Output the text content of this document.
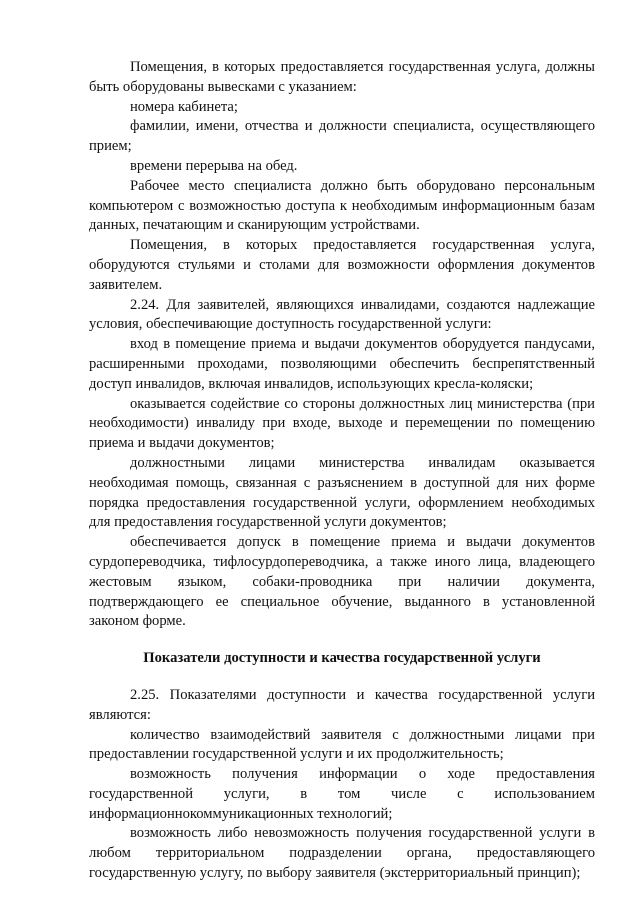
Помещения, в которых предоставляется государственная услуга, должны быть оборудованы вывесками с указанием:

номера кабинета;

фамилии, имени, отчества и должности специалиста, осуществляющего прием;

времени перерыва на обед.

Рабочее место специалиста должно быть оборудовано персональным компьютером с возможностью доступа к необходимым информационным базам данных, печатающим и сканирующим устройствами.

Помещения, в которых предоставляется государственная услуга, оборудуются стульями и столами для возможности оформления документов заявителем.

2.24. Для заявителей, являющихся инвалидами, создаются надлежащие условия, обеспечивающие доступность государственной услуги:

вход в помещение приема и выдачи документов оборудуется пандусами, расширенными проходами, позволяющими обеспечить беспрепятственный доступ инвалидов, включая инвалидов, использующих кресла-коляски;

оказывается содействие со стороны должностных лиц министерства (при необходимости) инвалиду при входе, выходе и перемещении по помещению приема и выдачи документов;

должностными лицами министерства инвалидам оказывается необходимая помощь, связанная с разъяснением в доступной для них форме порядка предоставления государственной услуги, оформлением необходимых для предоставления государственной услуги документов;

обеспечивается допуск в помещение приема и выдачи документов сурдопереводчика, тифлосурдопереводчика, а также иного лица, владеющего жестовым языком, собаки-проводника при наличии документа, подтверждающего ее специальное обучение, выданного в установленной законом форме.

Показатели доступности и качества государственной услуги

2.25. Показателями доступности и качества государственной услуги являются:

количество взаимодействий заявителя с должностными лицами при предоставлении государственной услуги и их продолжительность;

возможность получения информации о ходе предоставления государственной услуги, в том числе с использованием информационнокоммуникационных технологий;

возможность либо невозможность получения государственной услуги в любом территориальном подразделении органа, предоставляющего государственную услугу, по выбору заявителя (экстерриториальный принцип);
